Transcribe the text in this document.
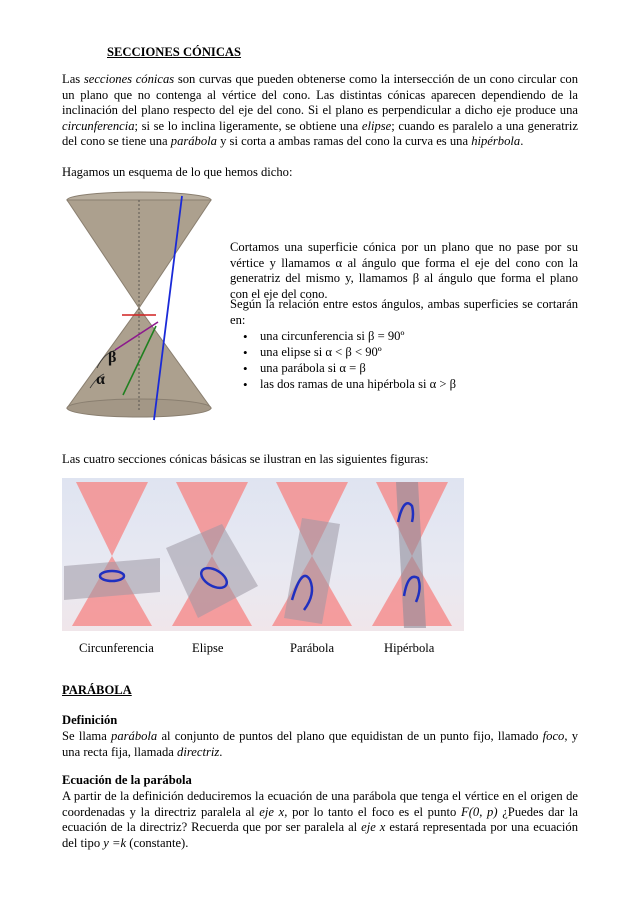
SECCIONES CÓNICAS
Las secciones cónicas son curvas que pueden obtenerse como la intersección de un cono circular con un plano que no contenga al vértice del cono. Las distintas cónicas aparecen dependiendo de la inclinación del plano respecto del eje del cono. Si el plano es perpendicular a dicho eje produce una circunferencia; si se lo inclina ligeramente, se obtiene una elipse; cuando es paralelo a una generatriz del cono se tiene una parábola y si corta a ambas ramas del cono la curva es una hipérbola.
Hagamos un esquema de lo que hemos dicho:
β
α
Cortamos una superficie cónica por un plano que no pase por su vértice y llamamos α al ángulo que forma el eje del cono con la generatriz del mismo y, llamamos β al ángulo que forma el plano con el eje del cono.
Según la relación entre estos ángulos, ambas superficies se cortarán en:
• una circunferencia si β = 90º
• una elipse si α < β < 90º
• una parábola si α = β
• las dos ramas de una hipérbola si α > β
Las cuatro secciones cónicas básicas se ilustran en las siguientes figuras:
Circunferencia	Elipse	Parábola	Hipérbola
PARÁBOLA
Definición
Se llama parábola al conjunto de puntos del plano que equidistan de un punto fijo, llamado foco, y una recta fija, llamada directriz.
Ecuación de la parábola
A partir de la definición deduciremos la ecuación de una parábola que tenga el vértice en el origen de coordenadas y la directriz paralela al eje x, por lo tanto el foco es el punto F(0, p) ¿Puedes dar la ecuación de la directriz? Recuerda que por ser paralela al eje x estará representada por una ecuación del tipo y =k (constante).
